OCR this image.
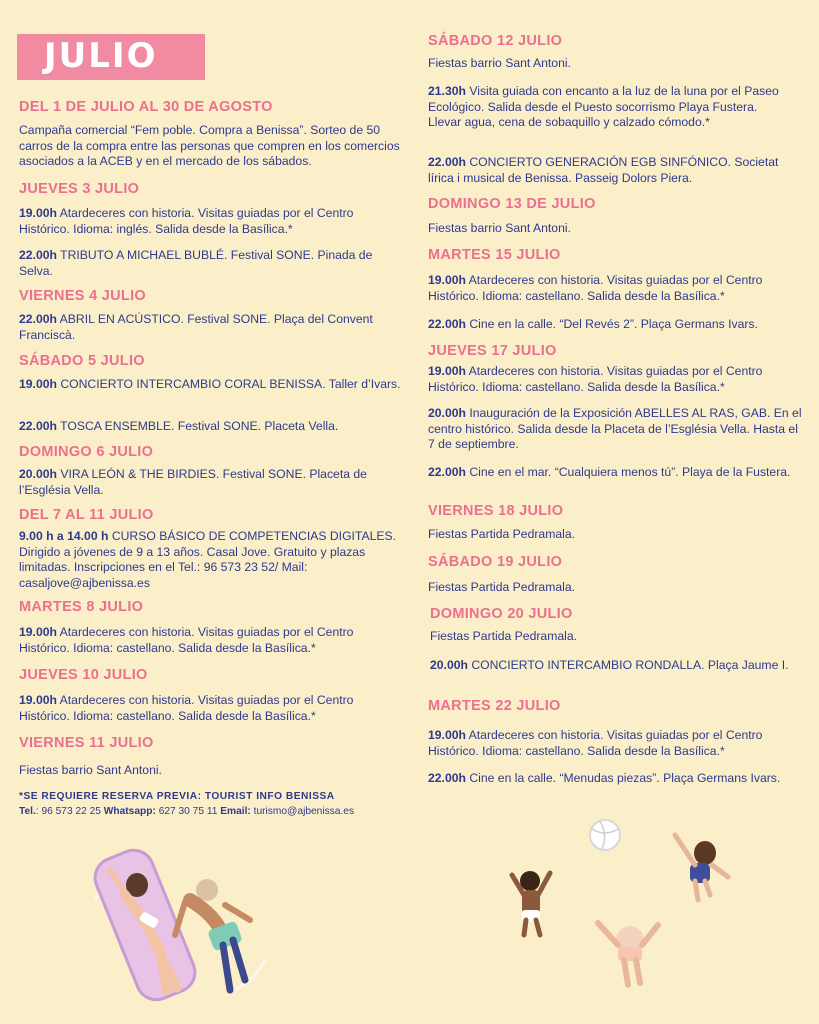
JULIO
DEL 1 DE JULIO AL 30 DE AGOSTO
Campaña comercial “Fem poble. Compra a Benissa”. Sorteo de 50 carros de la compra entre las personas que compren en los comercios asociados a la ACEB y en el mercado de los sábados.
JUEVES 3 JULIO
19.00h Atardeceres con historia. Visitas guiadas por el Centro Histórico. Idioma: inglés. Salida desde la Basílica.*
22.00h TRIBUTO A MICHAEL BUBLÉ. Festival SONE. Pinada de Selva.
VIERNES 4 JULIO
22.00h ABRIL EN ACÚSTICO. Festival SONE. Plaça del Convent Franciscà.
SÁBADO 5 JULIO
19.00h CONCIERTO INTERCAMBIO CORAL BENISSA. Taller d’Ivars.
22.00h TOSCA ENSEMBLE. Festival SONE. Placeta Vella.
DOMINGO 6 JULIO
20.00h VIRA LEÓN & THE BIRDIES. Festival SONE. Placeta de l’Església Vella.
DEL 7 AL 11 JULIO
9.00 h a 14.00 h CURSO BÁSICO DE COMPETENCIAS DIGITALES. Dirigido a jóvenes de 9 a 13 años. Casal Jove. Gratuito y plazas limitadas. Inscripciones en el Tel.: 96 573 23 52/ Mail: casaljove@ajbenissa.es
MARTES 8 JULIO
19.00h Atardeceres con historia. Visitas guiadas por el Centro Histórico. Idioma: castellano. Salida desde la Basílica.*
JUEVES 10 JULIO
19.00h Atardeceres con historia. Visitas guiadas por el Centro Histórico. Idioma: castellano. Salida desde la Basílica.*
VIERNES 11 JULIO
Fiestas barrio Sant Antoni.
*SE REQUIERE RESERVA PREVIA: TOURIST INFO BENISSA
Tel.: 96 573 22 25 Whatsapp: 627 30 75 11 Email: turismo@ajbenissa.es
SÁBADO 12 JULIO
Fiestas barrio Sant Antoni.
21.30h Visita guiada con encanto a la luz de la luna por el Paseo Ecológico. Salida desde el Puesto socorrismo Playa Fustera.
Llevar agua, cena de sobaquillo y calzado cómodo.*
22.00h CONCIERTO GENERACIÓN EGB SINFÓNICO. Societat lírica i musical de Benissa. Passeig Dolors Piera.
DOMINGO 13 DE JULIO
Fiestas barrio Sant Antoni.
MARTES 15 JULIO
19.00h Atardeceres con historia. Visitas guiadas por el Centro Histórico. Idioma: castellano. Salida desde la Basílica.*
22.00h Cine en la calle. “Del Revés 2”. Plaça Germans Ivars.
JUEVES 17 JULIO
19.00h Atardeceres con historia. Visitas guiadas por el Centro Histórico. Idioma: castellano. Salida desde la Basílica.*
20.00h Inauguración de la Exposición ABELLES AL RAS, GAB. En el centro histórico. Salida desde la Placeta de l’Església Vella. Hasta el 7 de septiembre.
22.00h Cine en el mar. “Cualquiera menos tú”. Playa de la Fustera.
VIERNES 18 JULIO
Fiestas Partida Pedramala.
SÁBADO 19 JULIO
Fiestas Partida Pedramala.
DOMINGO 20 JULIO
Fiestas Partida Pedramala.
20.00h CONCIERTO INTERCAMBIO RONDALLA. Plaça Jaume I.
MARTES 22 JULIO
19.00h Atardeceres con historia. Visitas guiadas por el Centro Histórico. Idioma: castellano. Salida desde la Basílica.*
22.00h Cine en la calle. “Menudas piezas”. Plaça Germans Ivars.
